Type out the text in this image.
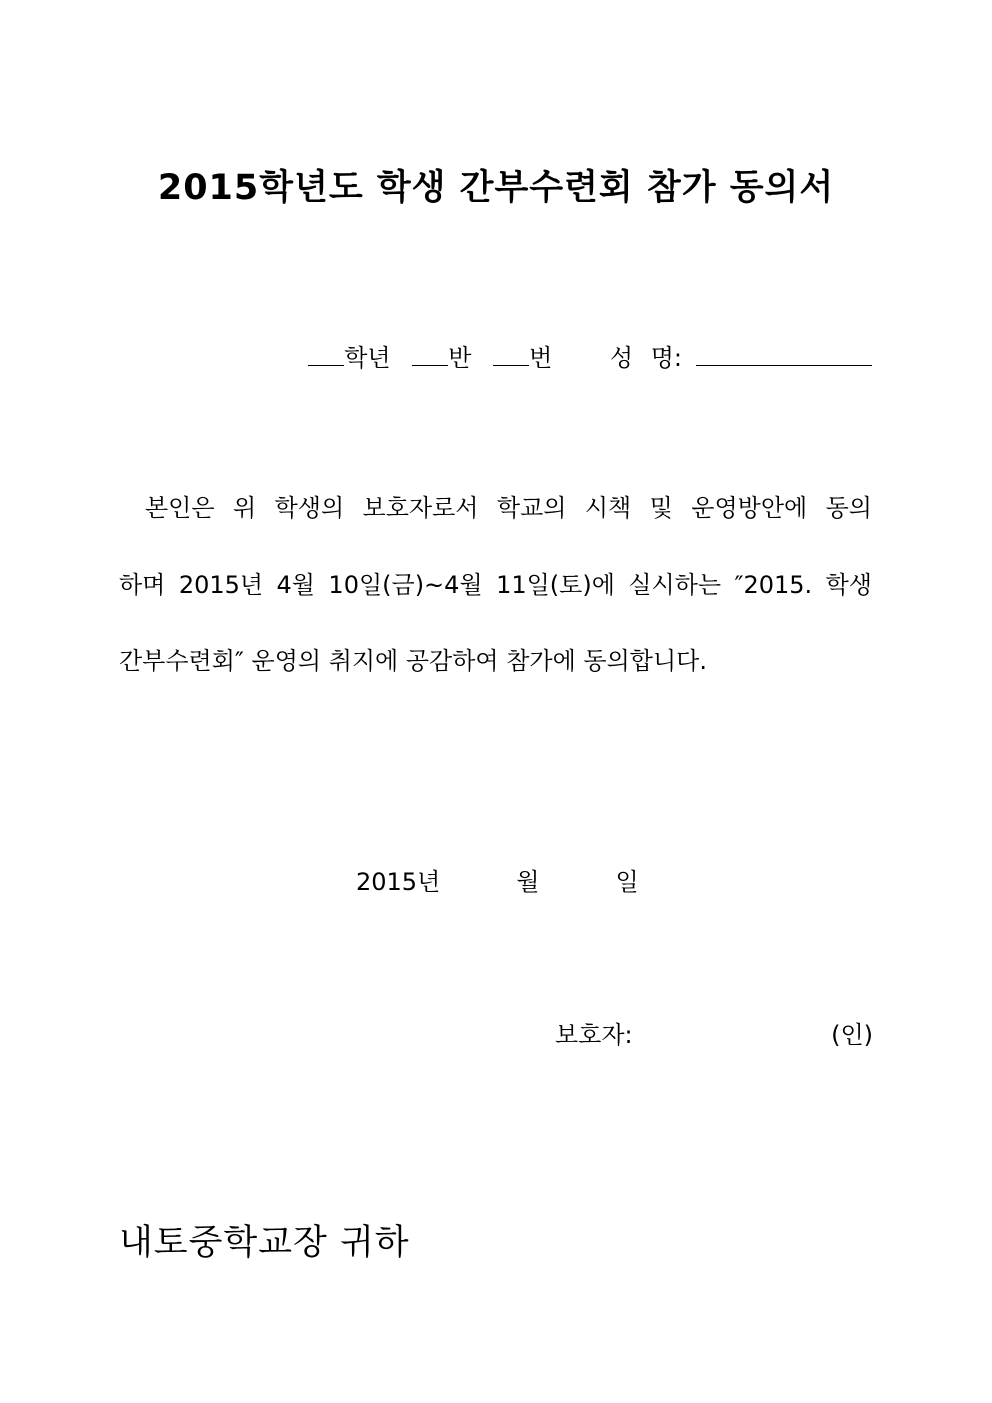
2015학년도 학생 간부수련회 참가 동의서
학년 반 번 성 명:
본인은 위 학생의 보호자로서 학교의 시책 및 운영방안에 동의
하며 2015년 4월 10일(금)~4월 11일(토)에 실시하는 ″2015. 학생
간부수련회″ 운영의 취지에 공감하여 참가에 동의합니다.
2015년	월	일
보호자:	(인)
내토중학교장 귀하
